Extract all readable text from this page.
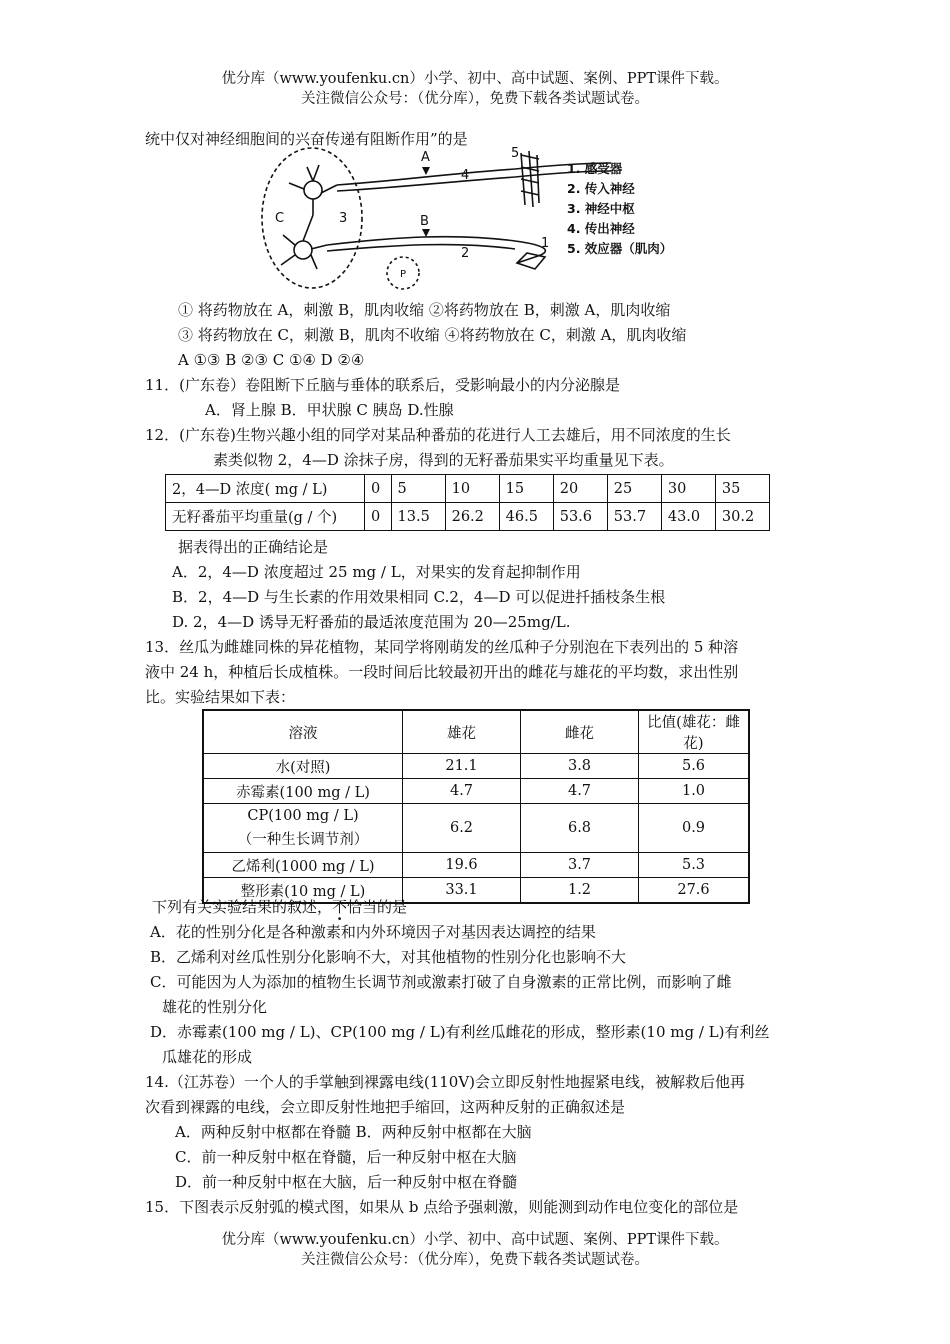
优分库（www.youfenku.cn）小学、初中、高中试题、案例、PPT课件下载。
关注微信公众号：（优分库），免费下载各类试题试卷。
统中仅对神经细胞间的兴奋传递有阻断作用”的是
A
B
C	3
4
5
2
1
P
1. 感受器
2. 传入神经
3. 神经中枢
4. 传出神经
5. 效应器（肌肉）
① 将药物放在 A，刺激 B，肌肉收缩 ②将药物放在 B，刺激 A，肌肉收缩
③ 将药物放在 C，刺激 B，肌肉不收缩 ④将药物放在 C，刺激 A，肌肉收缩
A ①③ B ②③ C ①④ D ②④
11．(广东卷）卷阻断下丘脑与垂体的联系后，受影响最小的内分泌腺是
A．肾上腺 B．甲状腺 C 胰岛 D.性腺
12．(广东卷)生物兴趣小组的同学对某品种番茄的花进行人工去雄后，用不同浓度的生长
素类似物 2，4—D 涂抹子房，得到的无籽番茄果实平均重量见下表。
2，4—D 浓度( mg / L)	0	5	10	15	20	25	30	35
无籽番茄平均重量(g / 个)	0	13.5	26.2	46.5	53.6	53.7	43.0	30.2
据表得出的正确结论是
A．2，4—D 浓度超过 25 mg / L，对果实的发育起抑制作用
B．2，4—D 与生长素的作用效果相同 C.2，4—D 可以促进扦插枝条生根
D. 2，4—D 诱导无籽番茄的最适浓度范围为 20—25mg/L.
13．丝瓜为雌雄同株的异花植物，某同学将刚萌发的丝瓜种子分别泡在下表列出的 5 种溶
液中 24 h，种植后长成植株。一段时间后比较最初开出的雌花与雄花的平均数，求出性别
比。实验结果如下表：
溶液	雄花	雌花	比值(雄花：雌花)
水(对照)	21.1	3.8	5.6
赤霉素(100 mg / L)	4.7	4.7	1.0

CP(100 mg / L)
（一种生长调节剂）	6.2	6.8	0.9
乙烯利(1000 mg / L)	19.6	3.7	5.3
整形素(10 mg / L)	33.1	1.2	27.6
下列有关实验结果的叙述，不恰当的是
A．花的性别分化是各种激素和内外环境因子对基因表达调控的结果
B．乙烯利对丝瓜性别分化影响不大，对其他植物的性别分化也影响不大
C．可能因为人为添加的植物生长调节剂或激素打破了自身激素的正常比例，而影响了雌
雄花的性别分化
D．赤霉素(100 mg / L)、CP(100 mg / L)有利丝瓜雌花的形成，整形素(10 mg / L)有利丝
瓜雄花的形成
14.（江苏卷）一个人的手掌触到裸露电线(110V)会立即反射性地握紧电线，被解救后他再
次看到裸露的电线，会立即反射性地把手缩回，这两种反射的正确叙述是
A．两种反射中枢都在脊髓 B．两种反射中枢都在大脑
C．前一种反射中枢在脊髓，后一种反射中枢在大脑
D．前一种反射中枢在大脑，后一种反射中枢在脊髓
15．下图表示反射弧的模式图，如果从 b 点给予强刺激，则能测到动作电位变化的部位是
优分库（www.youfenku.cn）小学、初中、高中试题、案例、PPT课件下载。
关注微信公众号：（优分库），免费下载各类试题试卷。
